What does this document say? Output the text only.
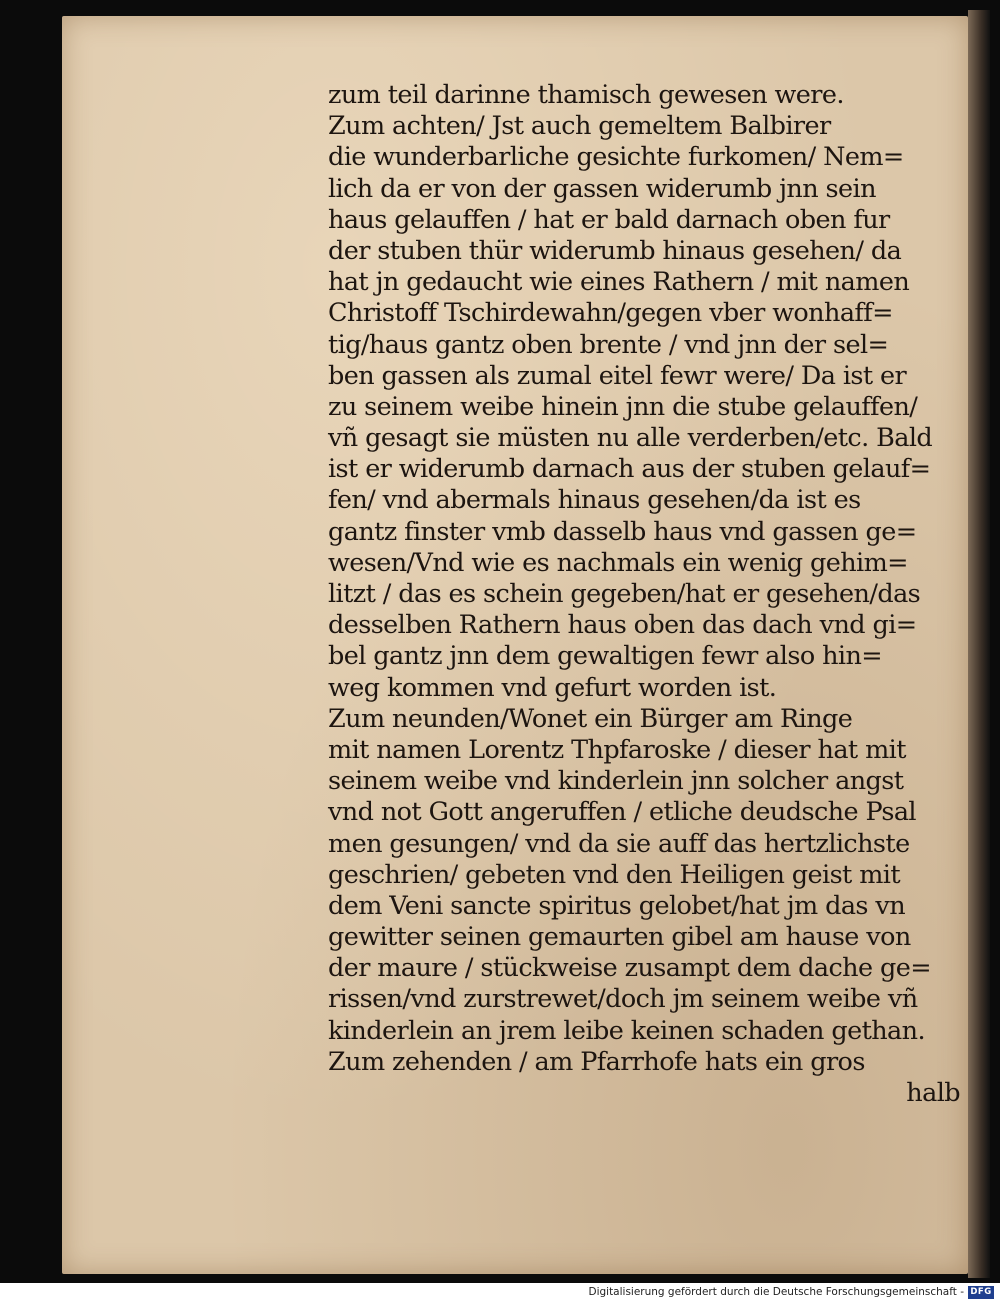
zum teil darinne thamisch gewesen were.
Zum achten/ Jst auch gemeltem Balbirer
die wunderbarliche gesichte furkomen/ Nem=
lich da er von der gassen widerumb jnn sein
haus gelauffen / hat er bald darnach oben fur
der stuben thür widerumb hinaus gesehen/ da
hat jn gedaucht wie eines Rathern / mit namen
Christoff Tschirdewahn/gegen vber wonhaff=
tig/haus gantz oben brente / vnd jnn der sel=
ben gassen als zumal eitel fewr were/ Da ist er
zu seinem weibe hinein jnn die stube gelauffen/
vñ gesagt sie müsten nu alle verderben/etc. Bald
ist er widerumb darnach aus der stuben gelauf=
fen/ vnd abermals hinaus gesehen/da ist es
gantz finster vmb dasselb haus vnd gassen ge=
wesen/Vnd wie es nachmals ein wenig gehim=
litzt / das es schein gegeben/hat er gesehen/das
desselben Rathern haus oben das dach vnd gi=
bel gantz jnn dem gewaltigen fewr also hin=
weg kommen vnd gefurt worden ist.
Zum neunden/Wonet ein Bürger am Ringe
mit namen Lorentz Thpfaroske / dieser hat mit
seinem weibe vnd kinderlein jnn solcher angst
vnd not Gott angeruffen / etliche deudsche Psal
men gesungen/ vnd da sie auff das hertzlichste
geschrien/ gebeten vnd den Heiligen geist mit
dem Veni sancte spiritus gelobet/hat jm das vn
gewitter seinen gemaurten gibel am hause von
der maure / stückweise zusampt dem dache ge=
rissen/vnd zurstrewet/doch jm seinem weibe vñ
kinderlein an jrem leibe keinen schaden gethan.
Zum zehenden / am Pfarrhofe hats ein gros
halb
Digitalisierung gefördert durch die Deutsche Forschungsgemeinschaft - DFG
